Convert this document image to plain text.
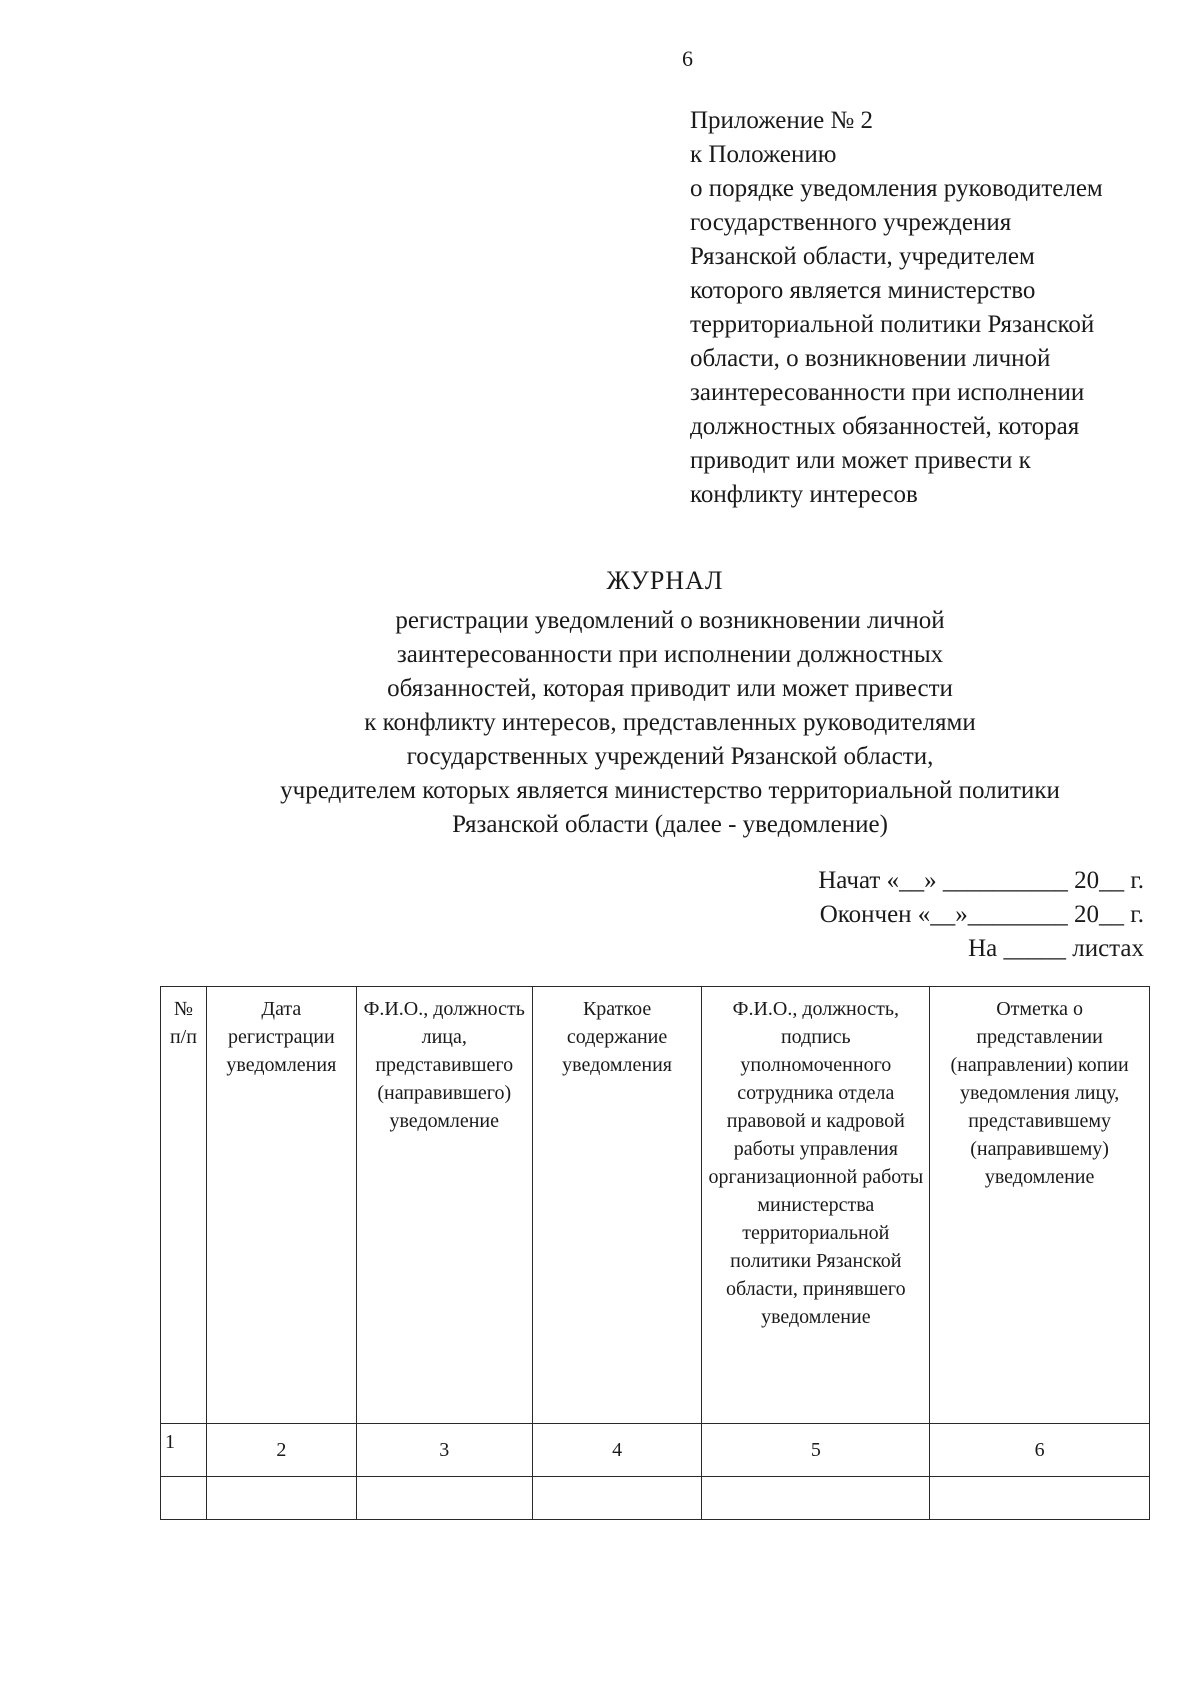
6
Приложение № 2
к Положению
о порядке уведомления руководителем
государственного учреждения
Рязанской области, учредителем
которого является министерство
территориальной политики Рязанской
области, о возникновении личной
заинтересованности при исполнении
должностных обязанностей, которая
приводит или может привести к
конфликту интересов
ЖУРНАЛ
регистрации уведомлений о возникновении личной
заинтересованности при исполнении должностных
обязанностей, которая приводит или может привести
к конфликту интересов, представленных руководителями
государственных учреждений Рязанской области,
учредителем которых является министерство территориальной политики
Рязанской области (далее - уведомление)
Начат «__» __________ 20__ г.
Окончен «__»________ 20__ г.
На _____ листах
№ п/п	Дата регистрации уведомления	Ф.И.О., должность лица, представившего (направившего) уведомление	Краткое содержание уведомления	Ф.И.О., должность, подпись уполномоченного сотрудника отдела правовой и кадровой работы управления организационной работы министерства территориальной политики Рязанской области, принявшего уведомление	Отметка о представлении (направлении) копии уведомления лицу, представившему (направившему) уведомление
1	2	3	4	5	6
